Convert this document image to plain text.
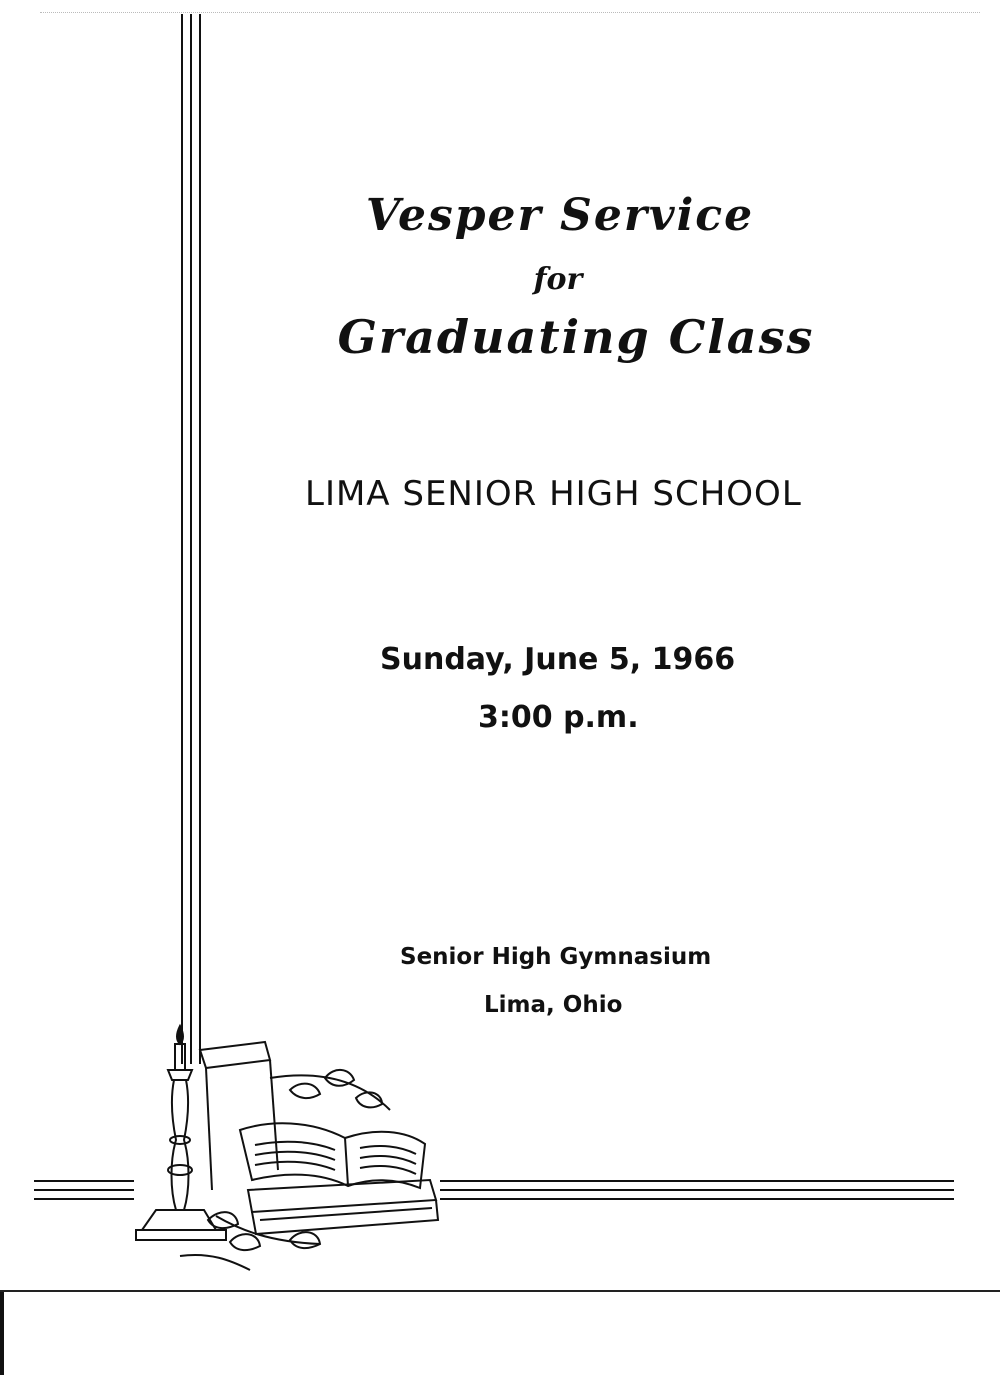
Vesper Service
for
Graduating Class
LIMA SENIOR HIGH SCHOOL
Sunday, June 5, 1966
3:00 p.m.
Senior High Gymnasium
Lima, Ohio
